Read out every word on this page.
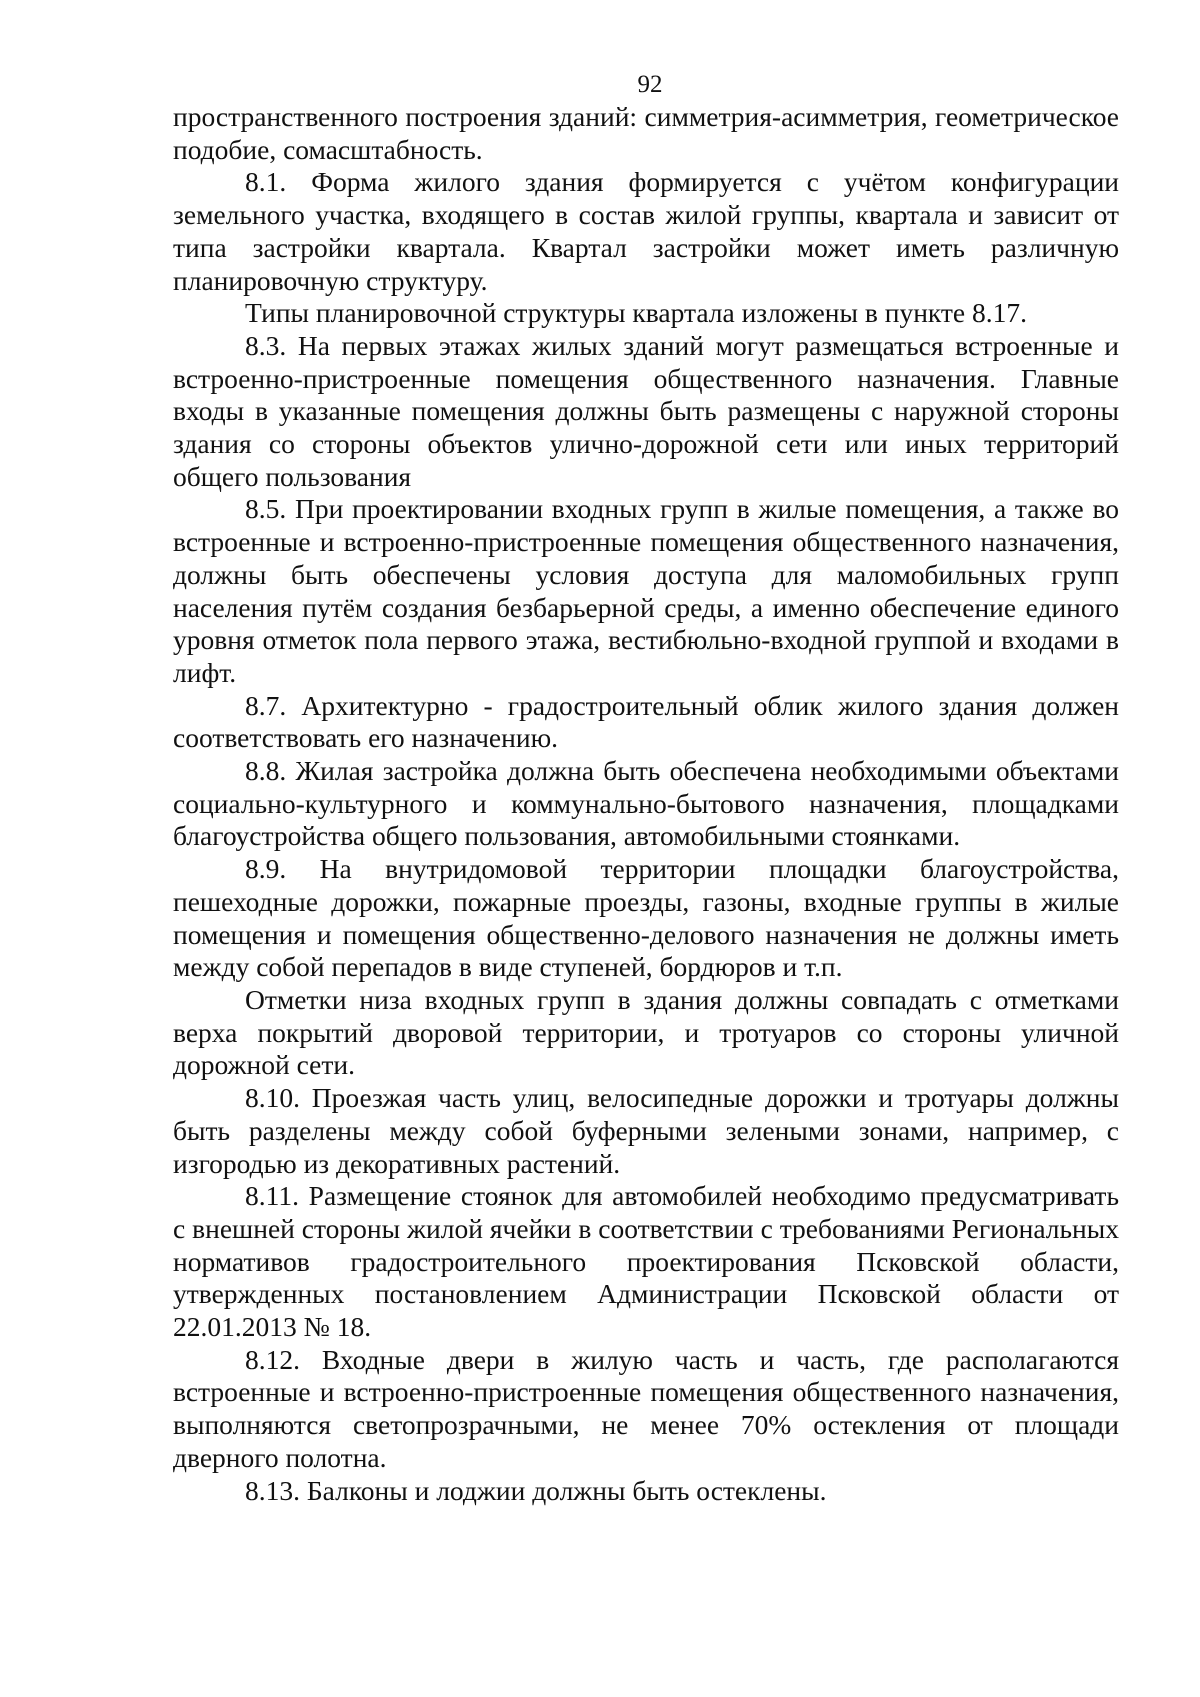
92

пространственного построения зданий: симметрия-асимметрия, геометрическое подобие, сомасштабность.

8.1. Форма жилого здания формируется с учётом конфигурации земельного участка, входящего в состав жилой группы, квартала и зависит от типа застройки квартала. Квартал застройки может иметь различную планировочную структуру.

Типы планировочной структуры квартала изложены в пункте 8.17.

8.3. На первых этажах жилых зданий могут размещаться встроенные и встроенно-пристроенные помещения общественного назначения. Главные входы в указанные помещения должны быть размещены с наружной стороны здания со стороны объектов улично-дорожной сети или иных территорий общего пользования

8.5. При проектировании входных групп в жилые помещения, а также во встроенные и встроенно-пристроенные помещения общественного назначения, должны быть обеспечены условия доступа для маломобильных групп населения путём создания безбарьерной среды, а именно обеспечение единого уровня отметок пола первого этажа, вестибюльно-входной группой и входами в лифт.

8.7. Архитектурно - градостроительный облик жилого здания должен соответствовать его назначению.

8.8. Жилая застройка должна быть обеспечена необходимыми объектами социально-культурного и коммунально-бытового назначения, площадками благоустройства общего пользования, автомобильными стоянками.

8.9. На внутридомовой территории площадки благоустройства, пешеходные дорожки, пожарные проезды, газоны, входные группы в жилые помещения и помещения общественно-делового назначения не должны иметь между собой перепадов в виде ступеней, бордюров и т.п.

Отметки низа входных групп в здания должны совпадать с отметками верха покрытий дворовой территории, и тротуаров со стороны уличной дорожной сети.

8.10. Проезжая часть улиц, велосипедные дорожки и тротуары должны быть разделены между собой буферными зелеными зонами, например, с изгородью из декоративных растений.

8.11. Размещение стоянок для автомобилей необходимо предусматривать с внешней стороны жилой ячейки в соответствии с требованиями Региональных нормативов градостроительного проектирования Псковской области, утвержденных постановлением Администрации Псковской области от 22.01.2013 № 18.

8.12. Входные двери в жилую часть и часть, где располагаются встроенные и встроенно-пристроенные помещения общественного назначения, выполняются светопрозрачными, не менее 70% остекления от площади дверного полотна.

8.13. Балконы и лоджии должны быть остеклены.
